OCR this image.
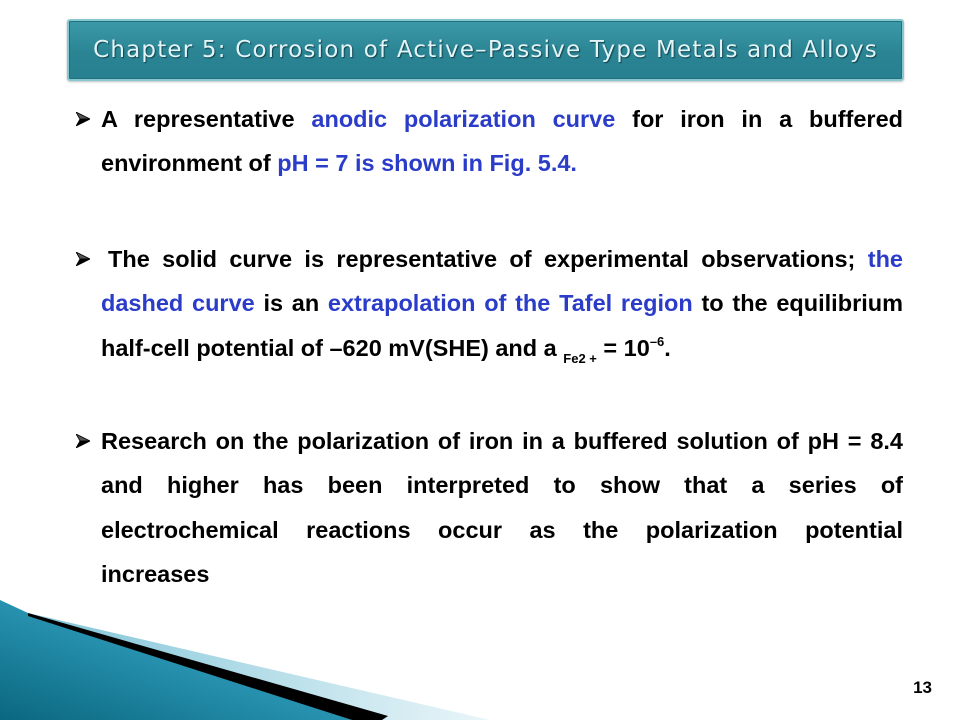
Chapter 5: Corrosion of Active–Passive Type Metals and Alloys
A representative anodic polarization curve for iron in a buffered
environment of pH = 7 is shown in Fig. 5.4.
The solid curve is representative of experimental observations; the
dashed curve is an extrapolation of the Tafel region to the equilibrium
half-cell potential of –620 mV(SHE) and a $_{Fe2 +} = 10^{-6}$.
Research on the polarization of iron in a buffered solution of pH = 8.4
and higher has been interpreted to show that a series of
electrochemical reactions occur as the polarization potential
increases
13
